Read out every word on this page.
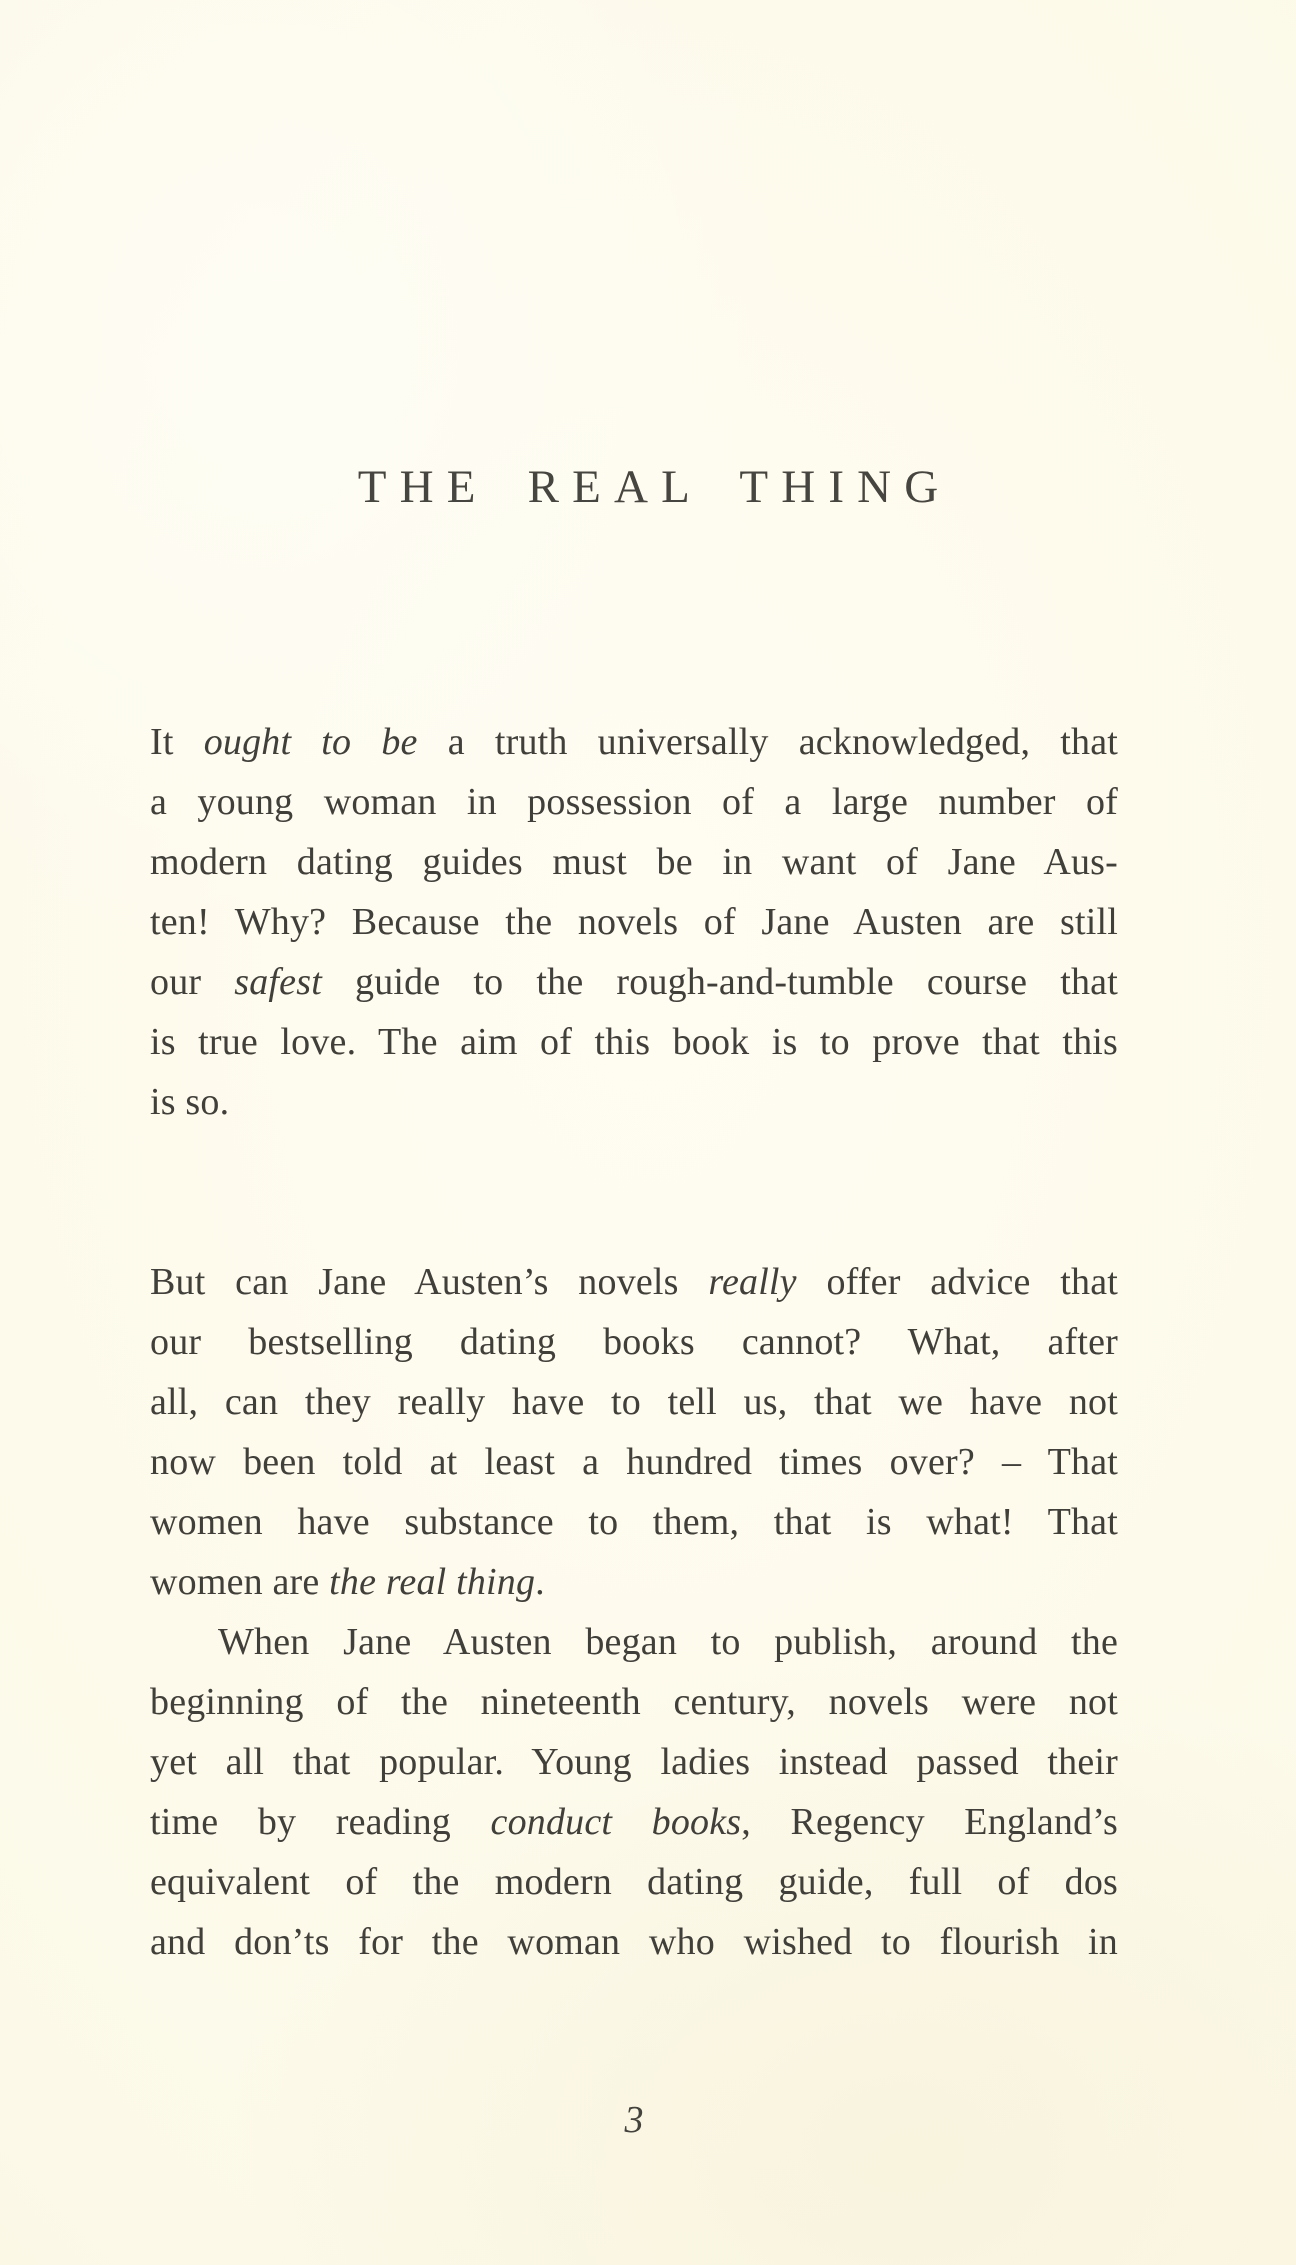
THE REAL THING
It ought to be a truth universally acknowledged, that
a young woman in possession of a large number of
modern dating guides must be in want of Jane Aus-
ten! Why? Because the novels of Jane Austen are still
our safest guide to the rough-and-tumble course that
is true love. The aim of this book is to prove that this
is so.
But can Jane Austen’s novels really offer advice that
our bestselling dating books cannot? What, after
all, can they really have to tell us, that we have not
now been told at least a hundred times over? – That
women have substance to them, that is what! That
women are the real thing.
When Jane Austen began to publish, around the
beginning of the nineteenth century, novels were not
yet all that popular. Young ladies instead passed their
time by reading conduct books, Regency England’s
equivalent of the modern dating guide, full of dos
and don’ts for the woman who wished to flourish in
3
